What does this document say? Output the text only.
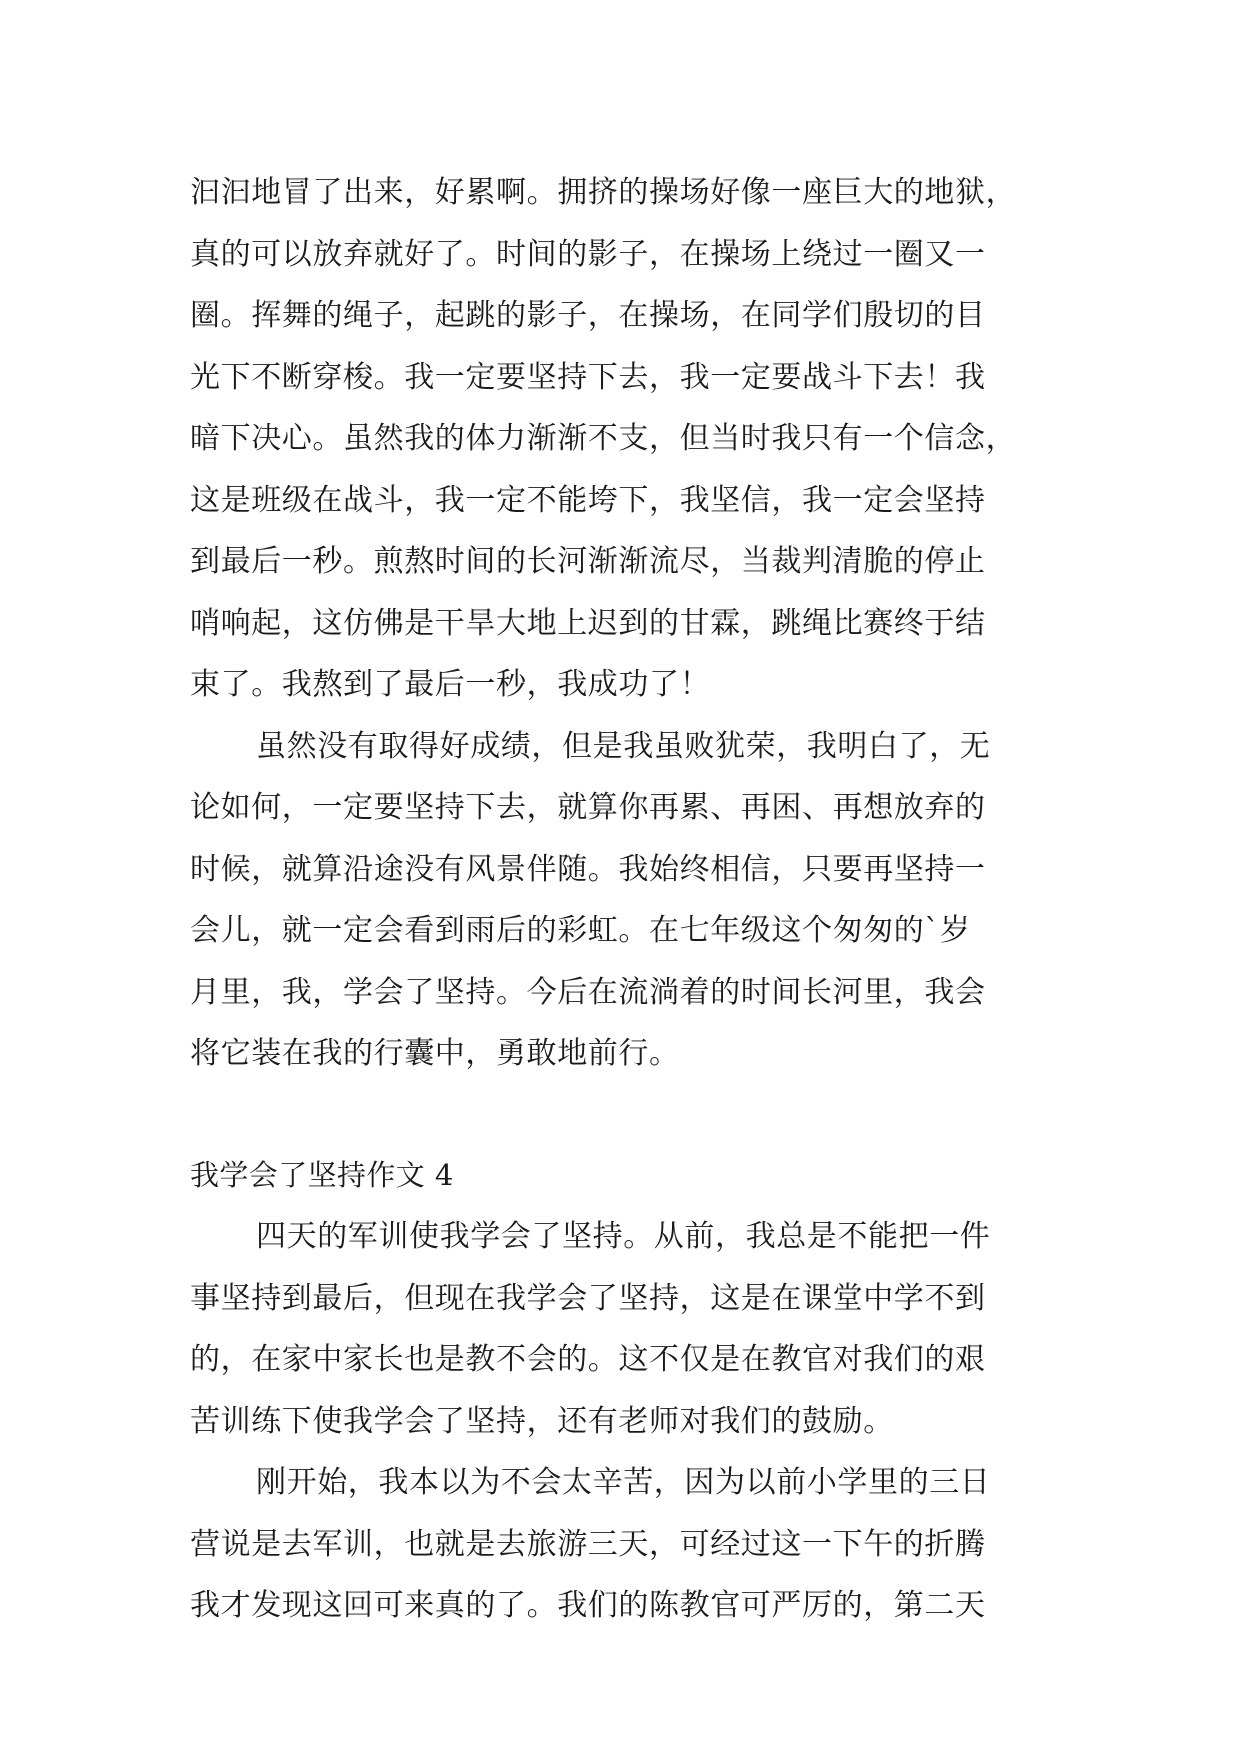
汩汩地冒了出来，好累啊。拥挤的操场好像一座巨大的地狱，
真的可以放弃就好了。时间的影子，在操场上绕过一圈又一
圈。挥舞的绳子，起跳的影子，在操场，在同学们殷切的目
光下不断穿梭。我一定要坚持下去，我一定要战斗下去！我
暗下决心。虽然我的体力渐渐不支，但当时我只有一个信念，
这是班级在战斗，我一定不能垮下，我坚信，我一定会坚持
到最后一秒。煎熬时间的长河渐渐流尽，当裁判清脆的停止
哨响起，这仿佛是干旱大地上迟到的甘霖，跳绳比赛终于结
束了。我熬到了最后一秒，我成功了！
虽然没有取得好成绩，但是我虽败犹荣，我明白了，无
论如何，一定要坚持下去，就算你再累、再困、再想放弃的
时候，就算沿途没有风景伴随。我始终相信，只要再坚持一
会儿，就一定会看到雨后的彩虹。在七年级这个匆匆的`岁
月里，我，学会了坚持。今后在流淌着的时间长河里，我会
将它装在我的行囊中，勇敢地前行。
我学会了坚持作文 4
四天的军训使我学会了坚持。从前，我总是不能把一件
事坚持到最后，但现在我学会了坚持，这是在课堂中学不到
的，在家中家长也是教不会的。这不仅是在教官对我们的艰
苦训练下使我学会了坚持，还有老师对我们的鼓励。
刚开始，我本以为不会太辛苦，因为以前小学里的三日
营说是去军训，也就是去旅游三天，可经过这一下午的折腾
我才发现这回可来真的了。我们的陈教官可严厉的，第二天
